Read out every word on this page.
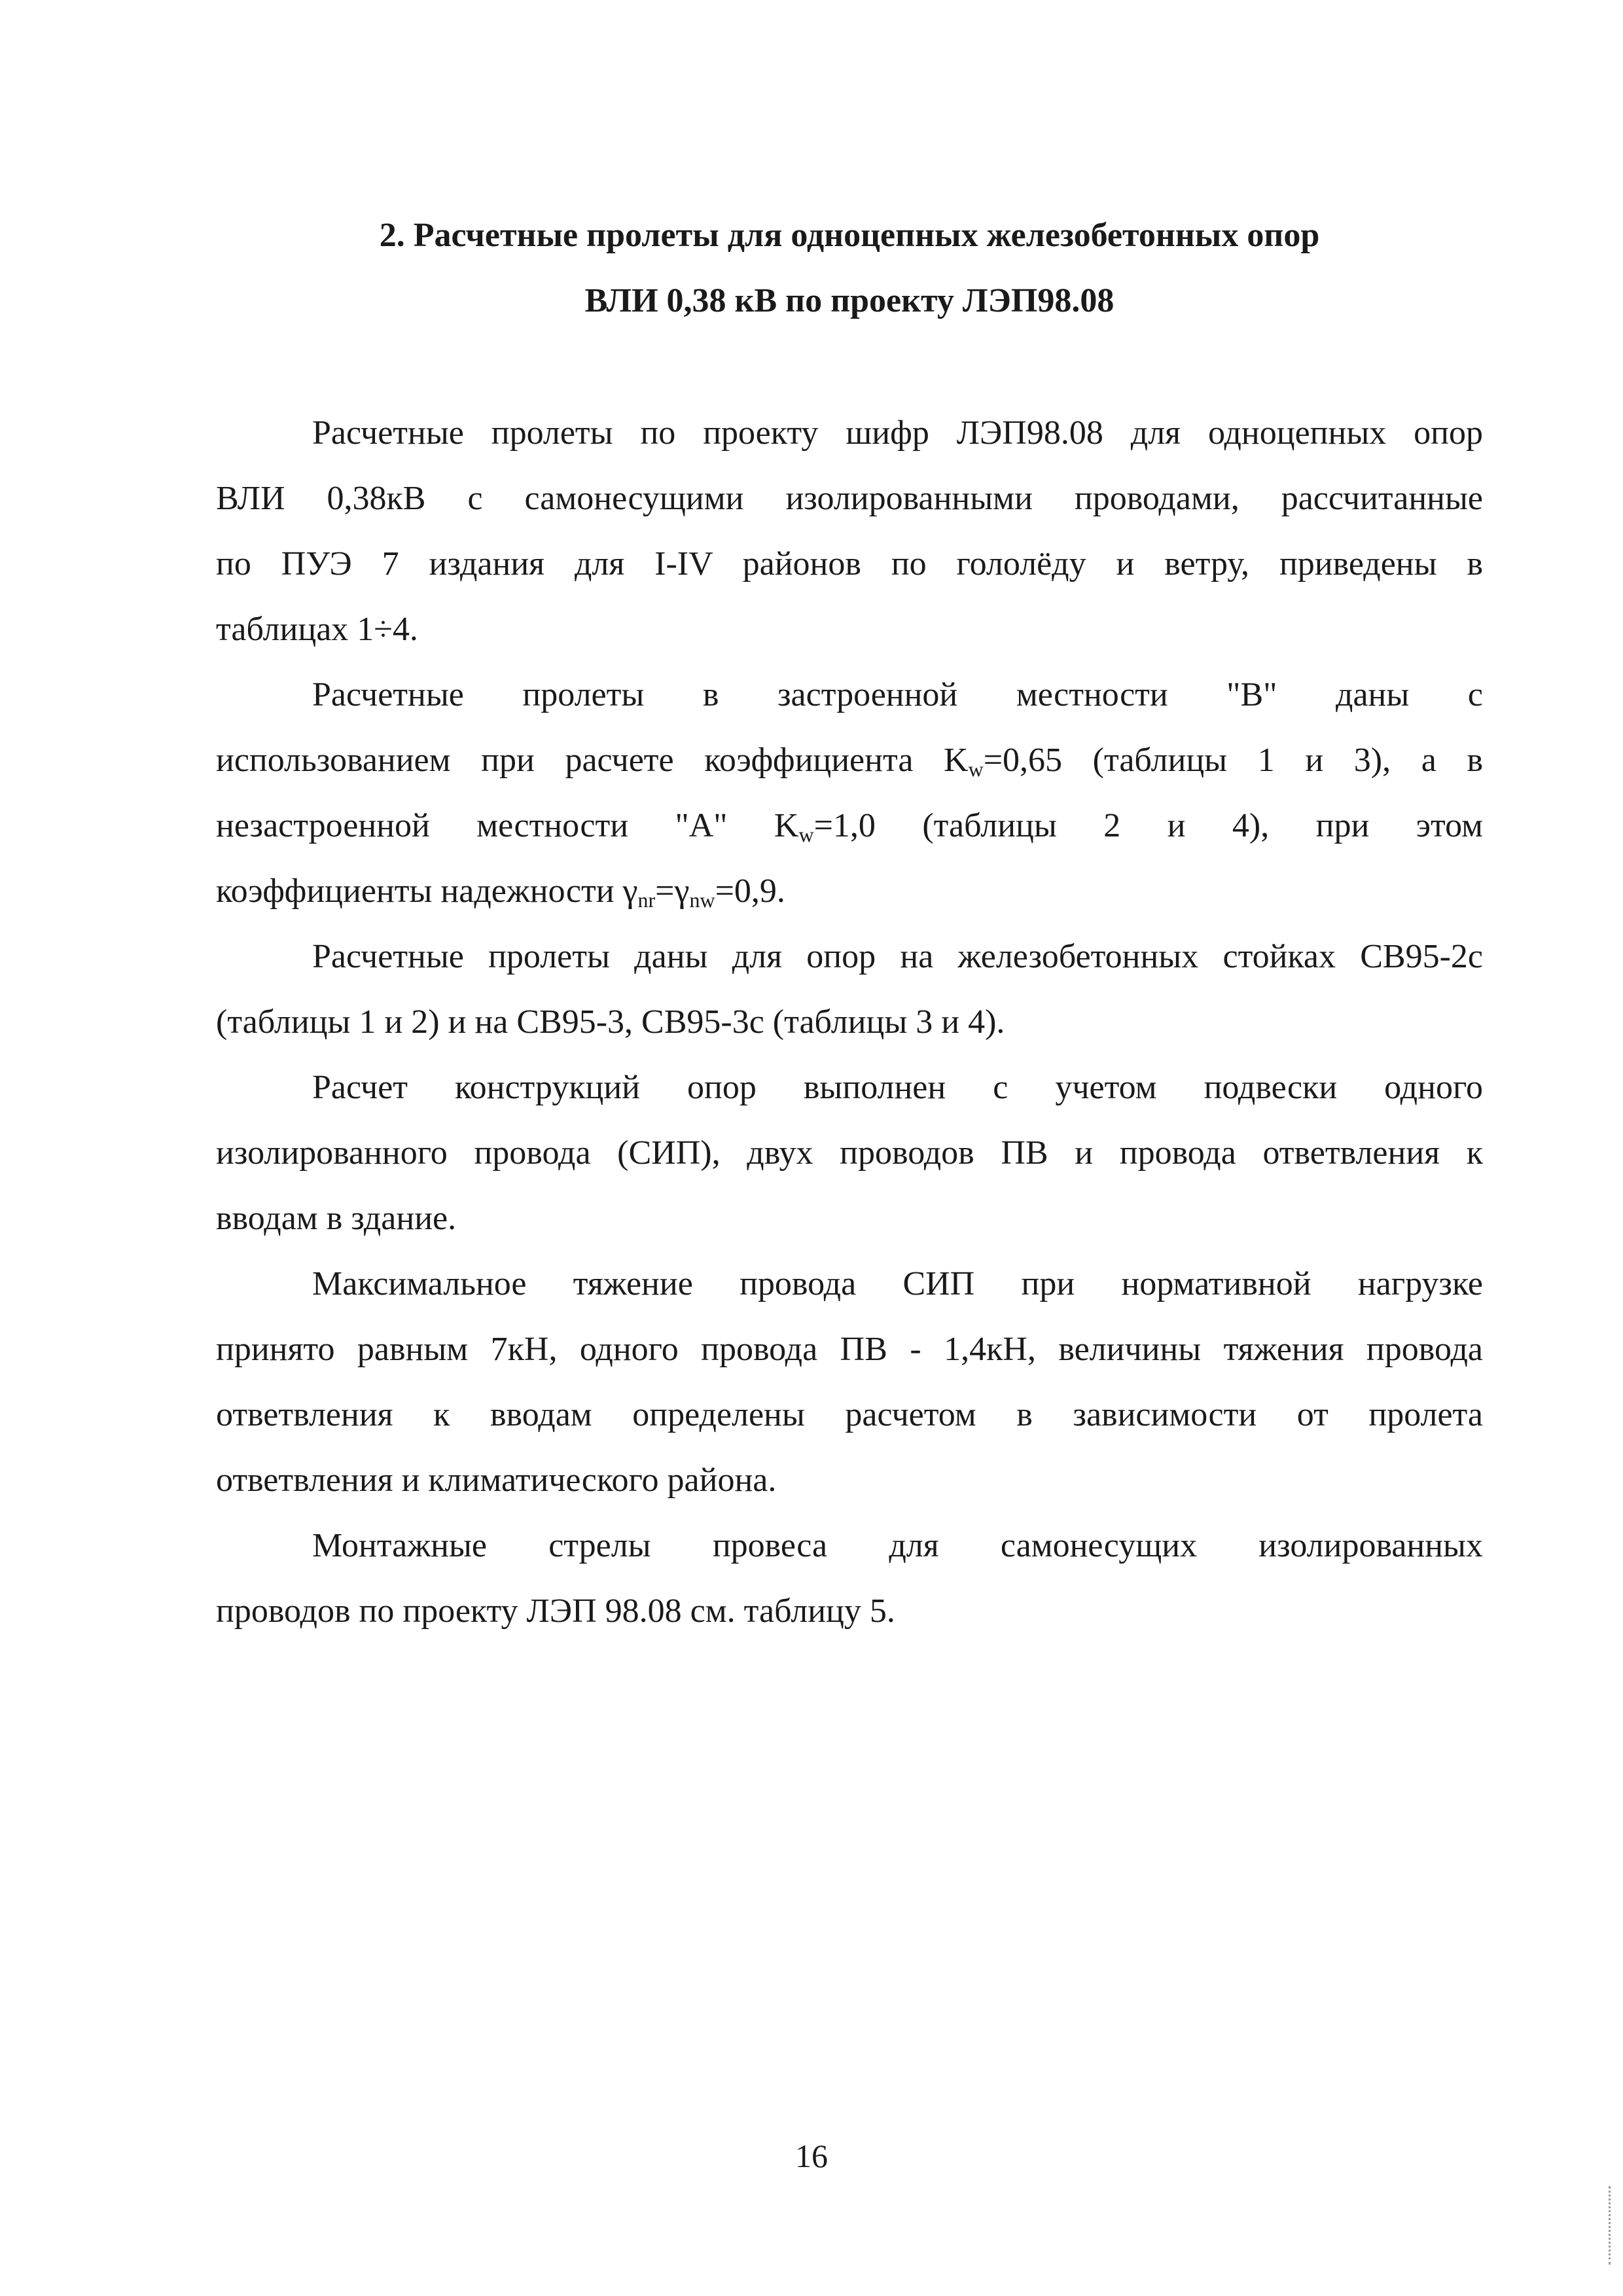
2. Расчетные пролеты для одноцепных железобетонных опор
ВЛИ 0,38 кВ по проекту ЛЭП98.08
Расчетные пролеты по проекту шифр ЛЭП98.08 для одноцепных опор
ВЛИ 0,38кВ с самонесущими изолированными проводами, рассчитанные
по ПУЭ 7 издания для I-IV районов по гололёду и ветру, приведены в
таблицах 1÷4.
Расчетные пролеты в застроенной местности "В" даны с
использованием при расчете коэффициента $K_w=0,65$ (таблицы 1 и 3), а в
незастроенной местности "А" $K_w=1,0$ (таблицы 2 и 4), при этом
коэффициенты надежности $\gamma_{nr}=\gamma_{nw}=0,9$.
Расчетные пролеты даны для опор на железобетонных стойках СВ95-2с
(таблицы 1 и 2) и на СВ95-3, СВ95-3с (таблицы 3 и 4).
Расчет конструкций опор выполнен с учетом подвески одного
изолированного провода (СИП), двух проводов ПВ и провода ответвления к
вводам в здание.
Максимальное тяжение провода СИП при нормативной нагрузке
принято равным 7кН, одного провода ПВ - 1,4кН, величины тяжения провода
ответвления к вводам определены расчетом в зависимости от пролета
ответвления и климатического района.
Монтажные стрелы провеса для самонесущих изолированных
проводов по проекту ЛЭП 98.08 см. таблицу 5.
16
